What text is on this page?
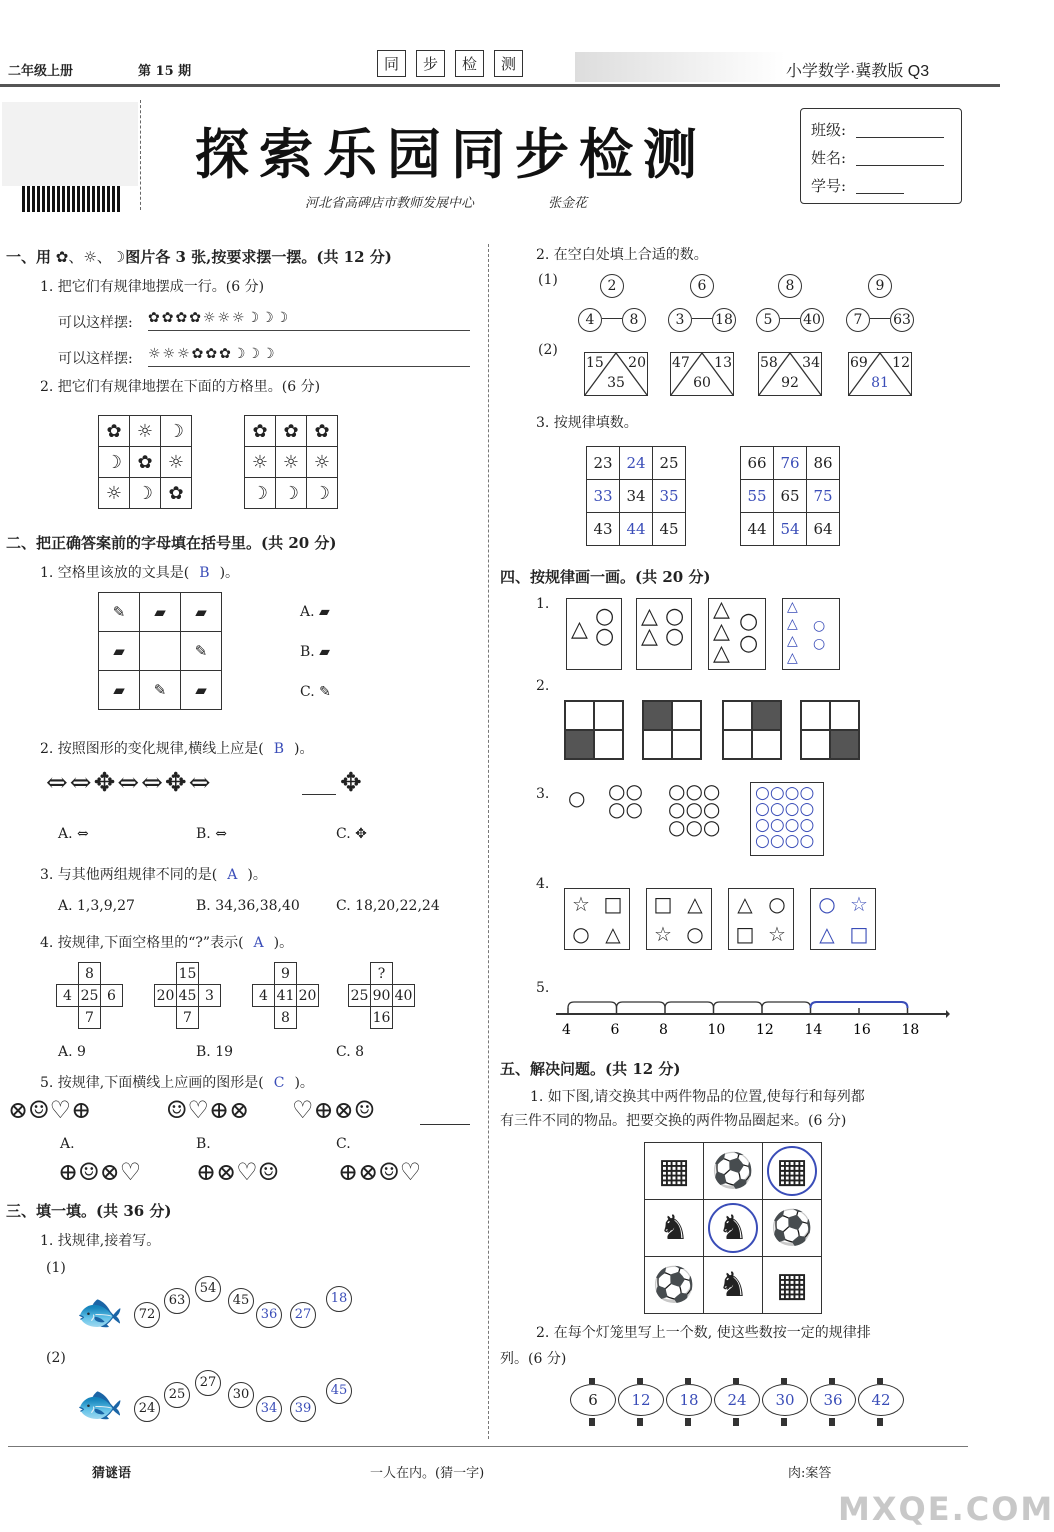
二年级上册	第 15 期	同	步	检	测	小学数学·冀教版 Q3
探索乐园同步检测
河北省高碑店市教师发展中心	张金花
班级:
姓名:
学号:
一、用 ✿、☼、☽图片各 3 张,按要求摆一摆。(共 12 分)
1. 把它们有规律地摆成一行。(6 分)
可以这样摆: ✿✿✿✿☼☼☼☽☽☽
可以这样摆: ☼☼☼✿✿✿☽☽☽
2. 把它们有规律地摆在下面的方格里。(6 分)
✿	☼	☽
☽	✿	☼
☼	☽	✿
✿	✿	✿
☼	☼	☼
☽	☽	☽
二、把正确答案前的字母填在括号里。(共 20 分)
1. 空格里该放的文具是( B )。
✎	▰	▰
▰		✎
▰	✎	▰
A. ▰
B. ▰
C. ✎
2. 按照图形的变化规律,横线上应是( B )。
⇔⇔✥⇔⇔✥⇔	✥
A. ⇔	B. ⇔	C. ✥
3. 与其他两组规律不同的是( A )。
A. 1,3,9,27	B. 34,36,38,40	C. 18,20,22,24
4. 按规律,下面空格里的“?”表示( A )。
8
4 25 6
7
15
20 45 3
7
9
4 41 20
8
?
25 90 40
16
A. 9	B. 19	C. 8
5. 按规律,下面横线上应画的图形是( C )。
⊗☺♡⊕	☺♡⊕⊗ ♡⊕⊗☺
A.	B.	C.
⊕☺⊗♡ ⊕⊗♡☺ ⊕⊗☺♡
三、填一填。(共 36 分)
1. 找规律,接着写。
(1)
🐟	72
63
54
45
36	27
18
(2)
🐟	24
25
27
30
34	39
45
2. 在空白处填上合适的数。
(1)	2
4	8
6
3	18
8
5	40
9
7	63
(2)
15 20
35
47 13
60
58 34
92
69 12
81
3. 按规律填数。
23	24	25
33	34	35
43	44	45
66	76	86
55	65	75
44	54	64
四、按规律画一画。(共 20 分)
1.
△
○
○
△
△
○
○
△
△
△
○
○
△
△
△
△
○
○
2.
3. ○ ○○
○○
○○○
○○○
○○○
○○○○
○○○○
○○○○
○○○○
4.
☆ □
○ △
□ △
☆ ○
△ ○
□ ☆
○ ☆
△ □
5.
4	6	8	10 12 14 16 18
五、解决问题。(共 12 分)
1. 如下图,请交换其中两件物品的位置,使每行和每列都
有三件不同的物品。把要交换的两件物品圈起来。(6 分)
▦	⚽	▦
♞	♞	⚽
⚽	♞	▦
2. 在每个灯笼里写上一个数, 使这些数按一定的规律排
列。(6 分)
6	12	18	24	30	36	42
猜谜语	一人在内。(猜一字)	肉:案答
MXQE.COM
